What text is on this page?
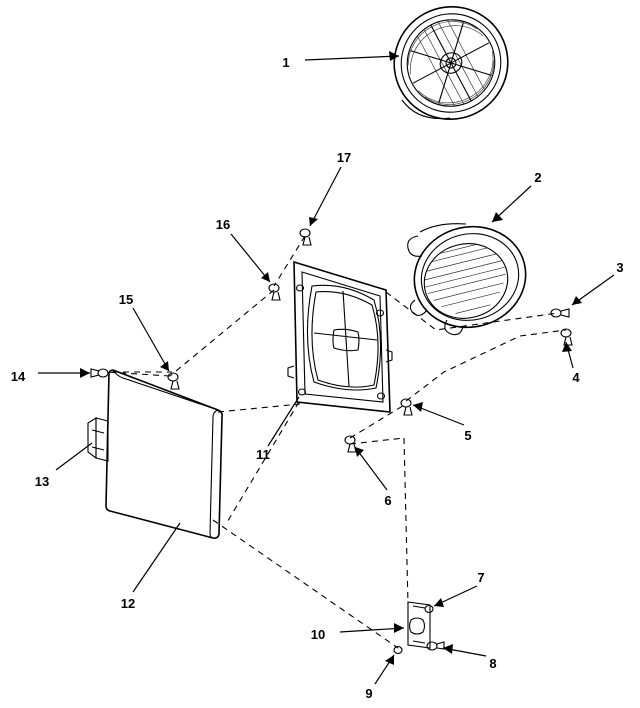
1
2
3
4
11
12
13
14
15
16
17
5
6
10
7
8
9
